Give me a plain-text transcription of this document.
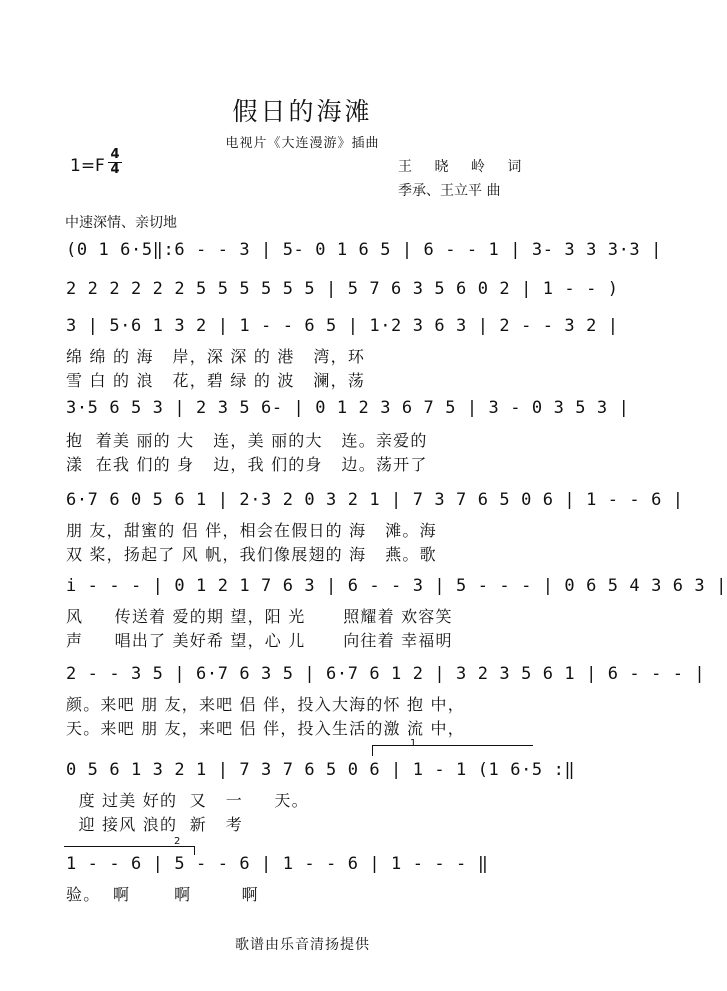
假日的海滩
电视片《大连漫游》插曲
1=F
4
4	王 晓 岭 词
季承、王立平 曲
中速深情、亲切地
(0 1 6·5‖:6 - - 3 | 5- 0 1 6 5 | 6 - - 1 | 3- 3 3 3·3 |
2 2 2 2 2 2 5 5 5 5 5 5 | 5 7 6 3 5 6 0 2 | 1 - - )
3 | 5·6 1 3 2 | 1 - - 6 5 | 1·2 3 6 3 | 2 - - 3 2 |
绵 绵 的 海   岸，深 深 的 港   湾，环
雪 白 的 浪   花，碧 绿 的 波   澜，荡
3·5 6 5 3 | 2 3 5 6- | 0 1 2 3 6 7 5 | 3 - 0 3 5 3 |
抱  着美 丽的 大   连，美 丽的大   连。亲爱的
漾  在我 们的 身   边，我 们的身   边。荡开了
6·7 6 0 5 6 1 | 2·3 2 0 3 2 1 | 7 3 7 6 5 0 6 | 1 - - 6 |
朋 友，甜蜜的 侣 伴，相会在假日的 海   滩。海
双 桨，扬起了 风 帆，我们像展翅的 海   燕。歌
i - - - | 0 1 2 1 7 6 3 | 6 - - 3 | 5 - - - | 0 6 5 4 3 6 3 |
风     传送着 爱的期 望，阳 光      照耀着 欢容笑
声     唱出了 美好希 望，心 儿      向往着 幸福明
2 - - 3 5 | 6·7 6 3 5 | 6·7 6 1 2 | 3 2 3 5 6 1 | 6 - - - |
颜。来吧 朋 友，来吧 侣 伴，投入大海的怀 抱 中，
天。来吧 朋 友，来吧 侣 伴，投入生活的激 流 中，
1
0 5 6 1 3 2 1 | 7 3 7 6 5 0 6 | 1 - 1 (1 6·5 :‖
度 过美 好的  又   一     天。
迎 接风 浪的  新   考
2
1 - - 6 | 5 - - 6 | 1 - - 6 | 1 - - - ‖
验。  啊       啊        啊
歌谱由乐音清扬提供
